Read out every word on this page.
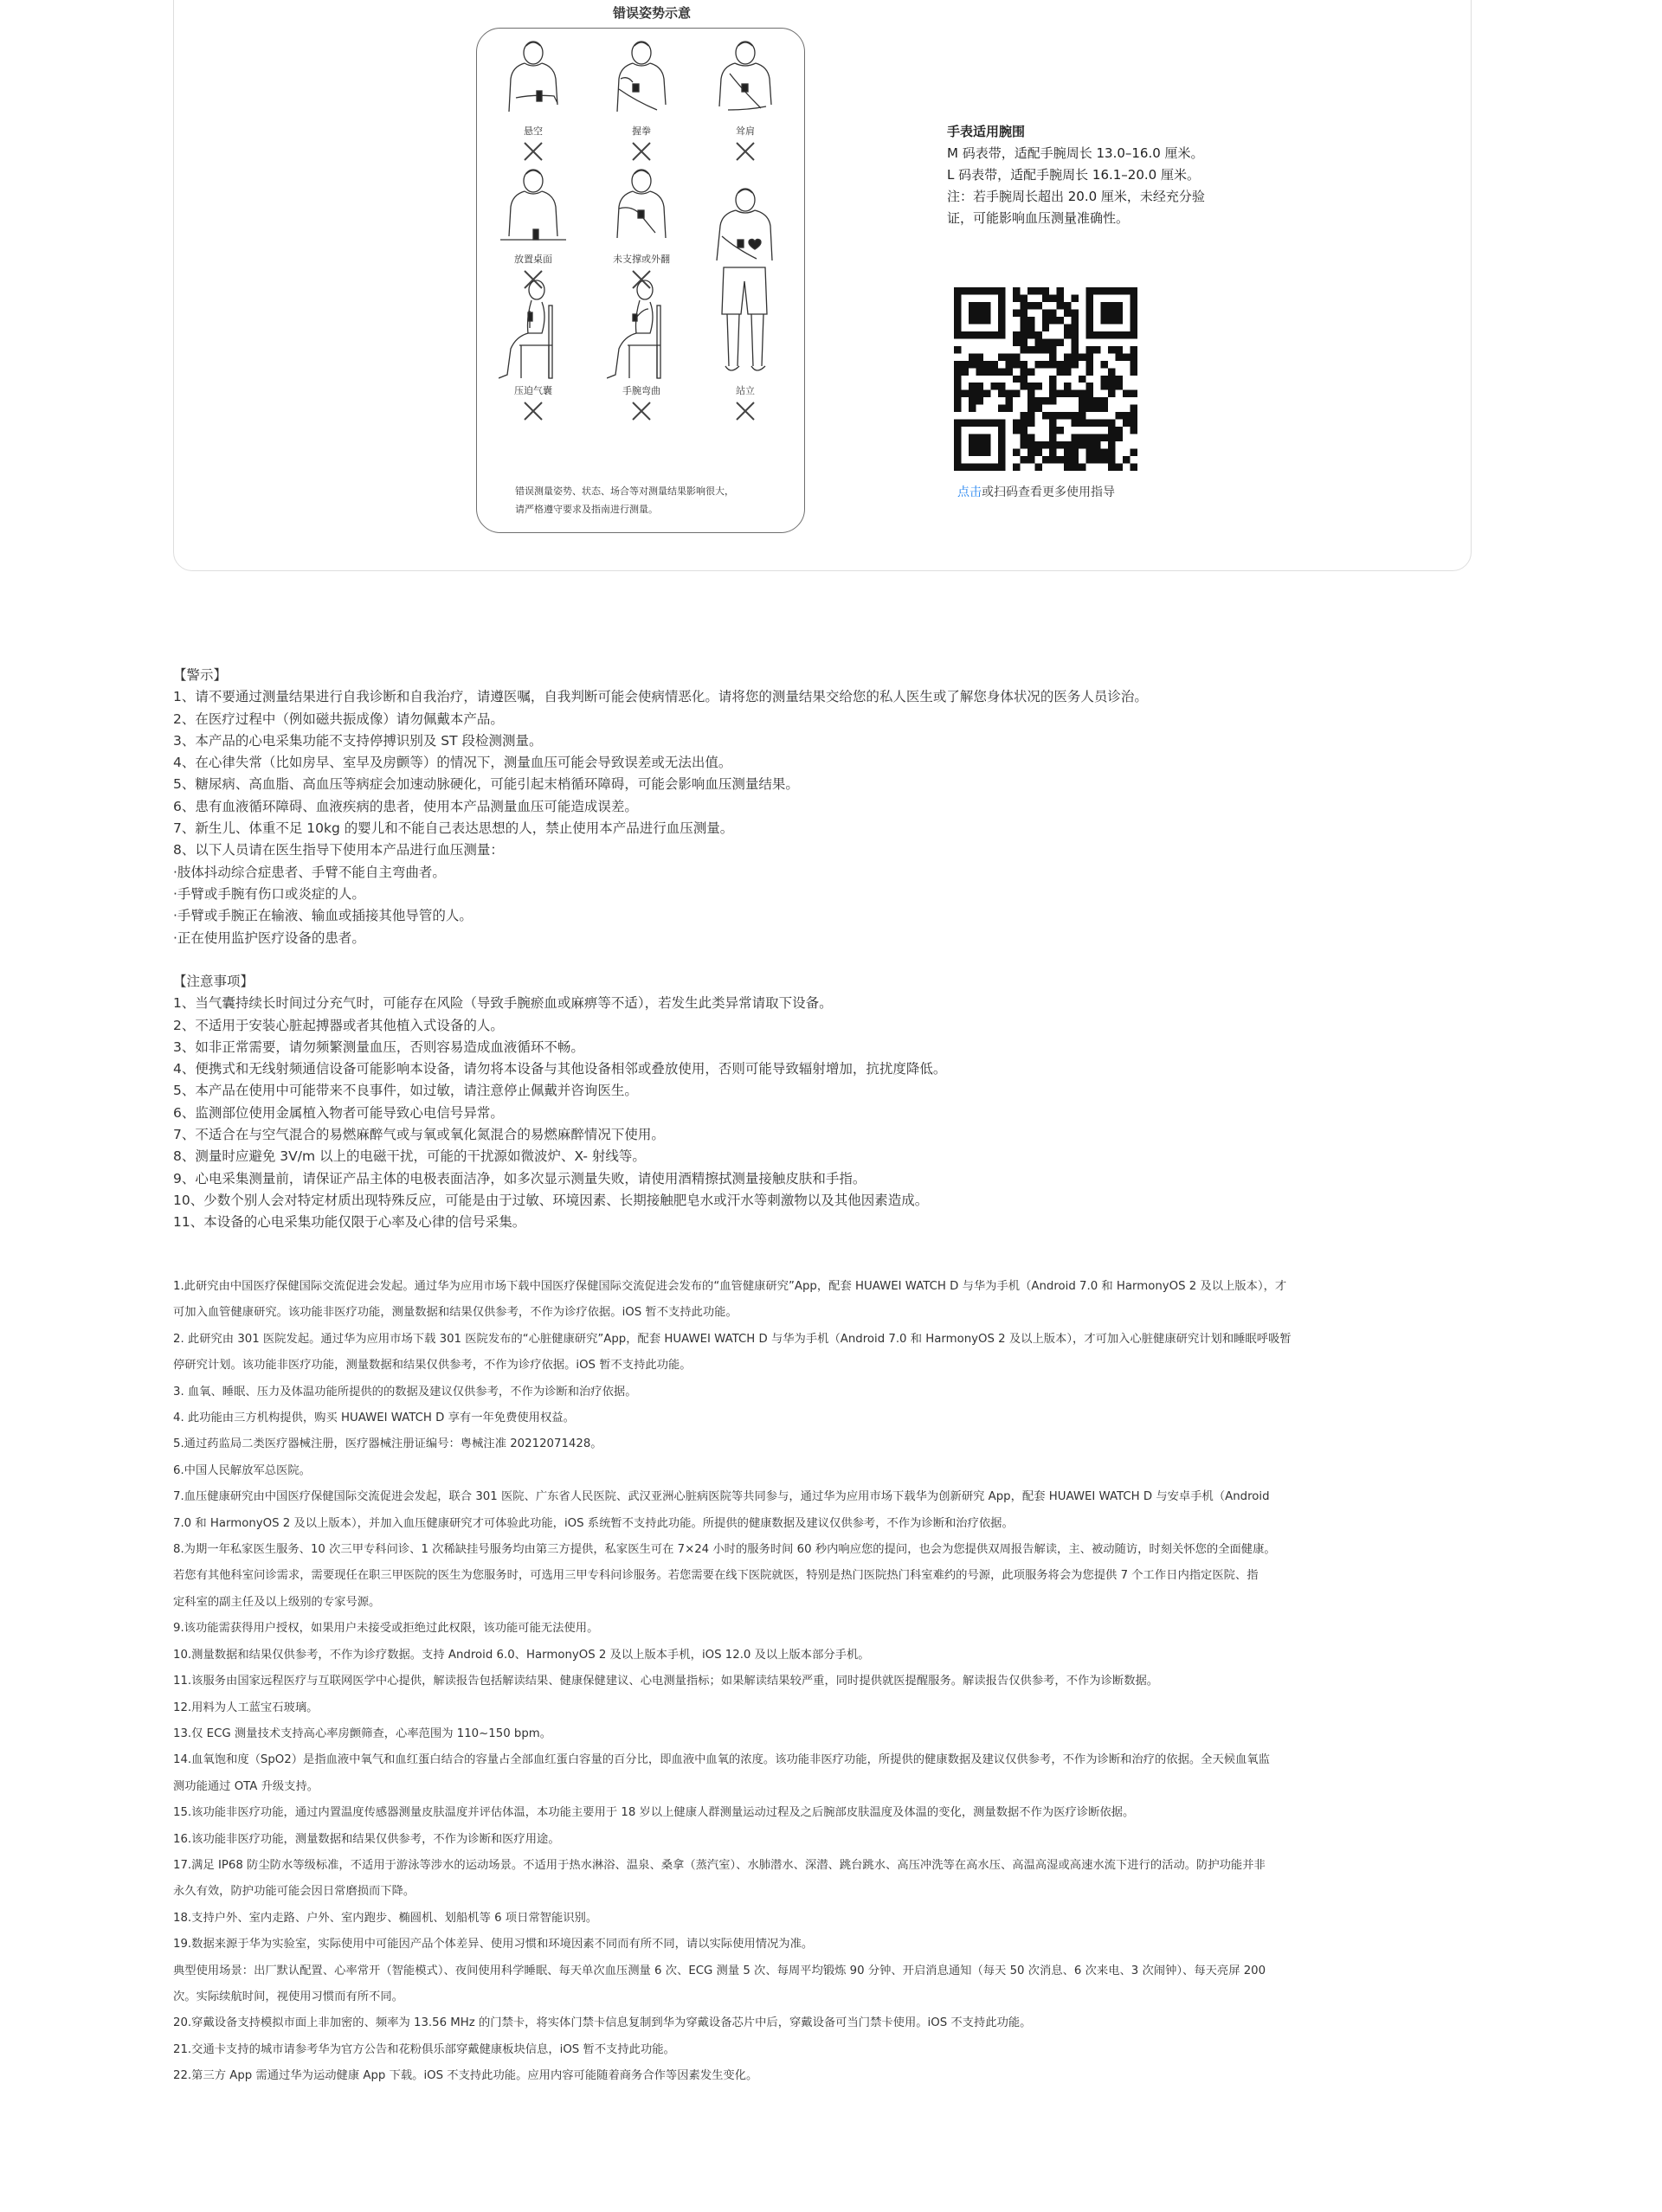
错误姿势示意
悬空	握拳	耸肩
放置桌面	未支撑或外翻
压迫气囊	手腕弯曲	站立
错误测量姿势、状态、场合等对测量结果影响很大，
请严格遵守要求及指南进行测量。
手表适用腕围
M 码表带，适配手腕周长 13.0–16.0 厘米。
L 码表带，适配手腕周长 16.1–20.0 厘米。
注：若手腕周长超出 20.0 厘米，未经充分验
证，可能影响血压测量准确性。
点击或扫码查看更多使用指导
【警示】
1、请不要通过测量结果进行自我诊断和自我治疗，请遵医嘱，自我判断可能会使病情恶化。请将您的测量结果交给您的私人医生或了解您身体状况的医务人员诊治。
2、在医疗过程中（例如磁共振成像）请勿佩戴本产品。
3、本产品的心电采集功能不支持停搏识别及 ST 段检测测量。
4、在心律失常（比如房早、室早及房颤等）的情况下，测量血压可能会导致误差或无法出值。
5、糖尿病、高血脂、高血压等病症会加速动脉硬化，可能引起末梢循环障碍，可能会影响血压测量结果。
6、患有血液循环障碍、血液疾病的患者，使用本产品测量血压可能造成误差。
7、新生儿、体重不足 10kg 的婴儿和不能自己表达思想的人，禁止使用本产品进行血压测量。
8、以下人员请在医生指导下使用本产品进行血压测量：
·肢体抖动综合症患者、手臂不能自主弯曲者。
·手臂或手腕有伤口或炎症的人。
·手臂或手腕正在输液、输血或插接其他导管的人。
·正在使用监护医疗设备的患者。
【注意事项】
1、当气囊持续长时间过分充气时，可能存在风险（导致手腕瘀血或麻痹等不适），若发生此类异常请取下设备。
2、不适用于安装心脏起搏器或者其他植入式设备的人。
3、如非正常需要，请勿频繁测量血压，否则容易造成血液循环不畅。
4、便携式和无线射频通信设备可能影响本设备，请勿将本设备与其他设备相邻或叠放使用，否则可能导致辐射增加，抗扰度降低。
5、本产品在使用中可能带来不良事件，如过敏，请注意停止佩戴并咨询医生。
6、监测部位使用金属植入物者可能导致心电信号异常。
7、不适合在与空气混合的易燃麻醉气或与氧或氧化氮混合的易燃麻醉情况下使用。
8、测量时应避免 3V/m 以上的电磁干扰，可能的干扰源如微波炉、X- 射线等。
9、心电采集测量前，请保证产品主体的电极表面洁净，如多次显示测量失败，请使用酒精擦拭测量接触皮肤和手指。
10、少数个别人会对特定材质出现特殊反应，可能是由于过敏、环境因素、长期接触肥皂水或汗水等刺激物以及其他因素造成。
11、本设备的心电采集功能仅限于心率及心律的信号采集。
1.此研究由中国医疗保健国际交流促进会发起。通过华为应用市场下载中国医疗保健国际交流促进会发布的“血管健康研究”App，配套 HUAWEI WATCH D 与华为手机（Android 7.0 和 HarmonyOS 2 及以上版本），才
可加入血管健康研究。该功能非医疗功能，测量数据和结果仅供参考，不作为诊疗依据。iOS 暂不支持此功能。
2. 此研究由 301 医院发起。通过华为应用市场下载 301 医院发布的“心脏健康研究”App，配套 HUAWEI WATCH D 与华为手机（Android 7.0 和 HarmonyOS 2 及以上版本），才可加入心脏健康研究计划和睡眠呼吸暂
停研究计划。该功能非医疗功能，测量数据和结果仅供参考，不作为诊疗依据。iOS 暂不支持此功能。
3. 血氧、睡眠、压力及体温功能所提供的的数据及建议仅供参考，不作为诊断和治疗依据。
4. 此功能由三方机构提供，购买 HUAWEI WATCH D 享有一年免费使用权益。
5.通过药监局二类医疗器械注册，医疗器械注册证编号：粤械注准 20212071428。
6.中国人民解放军总医院。
7.血压健康研究由中国医疗保健国际交流促进会发起，联合 301 医院、广东省人民医院、武汉亚洲心脏病医院等共同参与，通过华为应用市场下载华为创新研究 App，配套 HUAWEI WATCH D 与安卓手机（Android
7.0 和 HarmonyOS 2 及以上版本），并加入血压健康研究才可体验此功能，iOS 系统暂不支持此功能。所提供的健康数据及建议仅供参考，不作为诊断和治疗依据。
8.为期一年私家医生服务、10 次三甲专科问诊、1 次稀缺挂号服务均由第三方提供，私家医生可在 7×24 小时的服务时间 60 秒内响应您的提问，也会为您提供双周报告解读，主、被动随访，时刻关怀您的全面健康。
若您有其他科室问诊需求，需要现任在职三甲医院的医生为您服务时，可选用三甲专科问诊服务。若您需要在线下医院就医，特别是热门医院热门科室难约的号源，此项服务将会为您提供 7 个工作日内指定医院、指
定科室的副主任及以上级别的专家号源。
9.该功能需获得用户授权，如果用户未接受或拒绝过此权限，该功能可能无法使用。
10.测量数据和结果仅供参考，不作为诊疗数据。支持 Android 6.0、HarmonyOS 2 及以上版本手机，iOS 12.0 及以上版本部分手机。
11.该服务由国家远程医疗与互联网医学中心提供，解读报告包括解读结果、健康保健建议、心电测量指标；如果解读结果较严重，同时提供就医提醒服务。解读报告仅供参考，不作为诊断数据。
12.用料为人工蓝宝石玻璃。
13.仅 ECG 测量技术支持高心率房颤筛查，心率范围为 110~150 bpm。
14.血氧饱和度（SpO2）是指血液中氧气和血红蛋白结合的容量占全部血红蛋白容量的百分比，即血液中血氧的浓度。该功能非医疗功能，所提供的健康数据及建议仅供参考，不作为诊断和治疗的依据。全天候血氧监
测功能通过 OTA 升级支持。
15.该功能非医疗功能，通过内置温度传感器测量皮肤温度并评估体温，本功能主要用于 18 岁以上健康人群测量运动过程及之后腕部皮肤温度及体温的变化，测量数据不作为医疗诊断依据。
16.该功能非医疗功能，测量数据和结果仅供参考，不作为诊断和医疗用途。
17.满足 IP68 防尘防水等级标准，不适用于游泳等涉水的运动场景。不适用于热水淋浴、温泉、桑拿（蒸汽室）、水肺潜水、深潜、跳台跳水、高压冲洗等在高水压、高温高湿或高速水流下进行的活动。防护功能并非
永久有效，防护功能可能会因日常磨损而下降。
18.支持户外、室内走路、户外、室内跑步、椭圆机、划船机等 6 项日常智能识别。
19.数据来源于华为实验室，实际使用中可能因产品个体差异、使用习惯和环境因素不同而有所不同，请以实际使用情况为准。
典型使用场景：出厂默认配置、心率常开（智能模式）、夜间使用科学睡眠、每天单次血压测量 6 次、ECG 测量 5 次、每周平均锻炼 90 分钟、开启消息通知（每天 50 次消息、6 次来电、3 次闹钟）、每天亮屏 200
次。实际续航时间，视使用习惯而有所不同。
20.穿戴设备支持模拟市面上非加密的、频率为 13.56 MHz 的门禁卡，将实体门禁卡信息复制到华为穿戴设备芯片中后，穿戴设备可当门禁卡使用。iOS 不支持此功能。
21.交通卡支持的城市请参考华为官方公告和花粉俱乐部穿戴健康板块信息，iOS 暂不支持此功能。
22.第三方 App 需通过华为运动健康 App 下载。iOS 不支持此功能。应用内容可能随着商务合作等因素发生变化。
